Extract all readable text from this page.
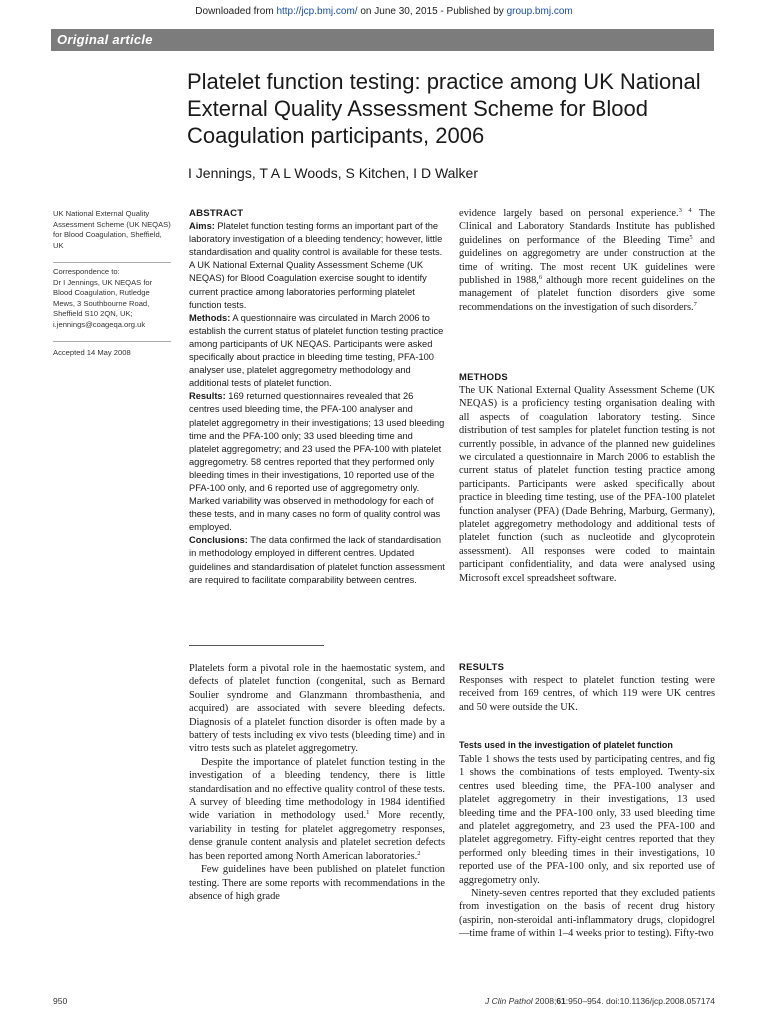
Downloaded from http://jcp.bmj.com/ on June 30, 2015 - Published by group.bmj.com
Original article
Platelet function testing: practice among UK National External Quality Assessment Scheme for Blood Coagulation participants, 2006
I Jennings, T A L Woods, S Kitchen, I D Walker
UK National External Quality Assessment Scheme (UK NEQAS) for Blood Coagulation, Sheffield, UK
Correspondence to:
Dr I Jennings, UK NEQAS for Blood Coagulation, Rutledge Mews, 3 Southbourne Road, Sheffield S10 2QN, UK; i.jennings@coageqa.org.uk
Accepted 14 May 2008
ABSTRACT

Aims: Platelet function testing forms an important part of the laboratory investigation of a bleeding tendency; however, little standardisation and quality control is available for these tests. A UK National External Quality Assessment Scheme (UK NEQAS) for Blood Coagulation exercise sought to identify current practice among laboratories performing platelet function tests.

Methods: A questionnaire was circulated in March 2006 to establish the current status of platelet function testing practice among participants of UK NEQAS. Participants were asked specifically about practice in bleeding time testing, PFA-100 analyser use, platelet aggregometry methodology and additional tests of platelet function.

Results: 169 returned questionnaires revealed that 26 centres used bleeding time, the PFA-100 analyser and platelet aggregometry in their investigations; 13 used bleeding time and the PFA-100 only; 33 used bleeding time and platelet aggregometry; and 23 used the PFA-100 with platelet aggregometry. 58 centres reported that they performed only bleeding times in their investigations, 10 reported use of the PFA-100 only, and 6 reported use of aggregometry only. Marked variability was observed in methodology for each of these tests, and in many cases no form of quality control was employed.

Conclusions: The data confirmed the lack of standardisation in methodology employed in different centres. Updated guidelines and standardisation of platelet function assessment are required to facilitate comparability between centres.

Platelets form a pivotal role in the haemostatic system, and defects of platelet function (congenital, such as Bernard Soulier syndrome and Glanzmann thrombasthenia, and acquired) are associated with severe bleeding defects. Diagnosis of a platelet function disorder is often made by a battery of tests including ex vivo tests (bleeding time) and in vitro tests such as platelet aggregometry.

Despite the importance of platelet function testing in the investigation of a bleeding tendency, there is little standardisation and no effective quality control of these tests. A survey of bleeding time methodology in 1984 identified wide variation in methodology used.$^1$ More recently, variability in testing for platelet aggregometry responses, dense granule content analysis and platelet secretion defects has been reported among North American laboratories.$^2$

Few guidelines have been published on platelet function testing. There are some reports with recommendations in the absence of high grade

evidence largely based on personal experience.$^{3 4}$ The Clinical and Laboratory Standards Institute has published guidelines on performance of the Bleeding Time$^5$ and guidelines on aggregometry are under construction at the time of writing. The most recent UK guidelines were published in 1988,$^6$ although more recent guidelines on the management of platelet function disorders give some recommendations on the investigation of such disorders.$^7$

METHODS

The UK National External Quality Assessment Scheme (UK NEQAS) is a proficiency testing organisation dealing with all aspects of coagulation laboratory testing. Since distribution of test samples for platelet function testing is not currently possible, in advance of the planned new guidelines we circulated a questionnaire in March 2006 to establish the current status of platelet function testing practice among participants. Participants were asked specifically about practice in bleeding time testing, use of the PFA-100 platelet function analyser (PFA) (Dade Behring, Marburg, Germany), platelet aggregometry methodology and additional tests of platelet function (such as nucleotide and glycoprotein assessment). All responses were coded to maintain participant confidentiality, and data were analysed using Microsoft excel spreadsheet software.

RESULTS

Responses with respect to platelet function testing were received from 169 centres, of which 119 were UK centres and 50 were outside the UK.

Tests used in the investigation of platelet function

Table 1 shows the tests used by participating centres, and fig 1 shows the combinations of tests employed. Twenty-six centres used bleeding time, the PFA-100 analyser and platelet aggregometry in their investigations, 13 used bleeding time and the PFA-100 only, 33 used bleeding time and platelet aggregometry, and 23 used the PFA-100 and platelet aggregometry. Fifty-eight centres reported that they performed only bleeding times in their investigations, 10 reported use of the PFA-100 only, and six reported use of aggregometry only.

Ninety-seven centres reported that they excluded patients from investigation on the basis of recent drug history (aspirin, non-steroidal anti-inflammatory drugs, clopidogrel—time frame of within 1–4 weeks prior to testing). Fifty-two

950	J Clin Pathol 2008;61:950–954. doi:10.1136/jcp.2008.057174
